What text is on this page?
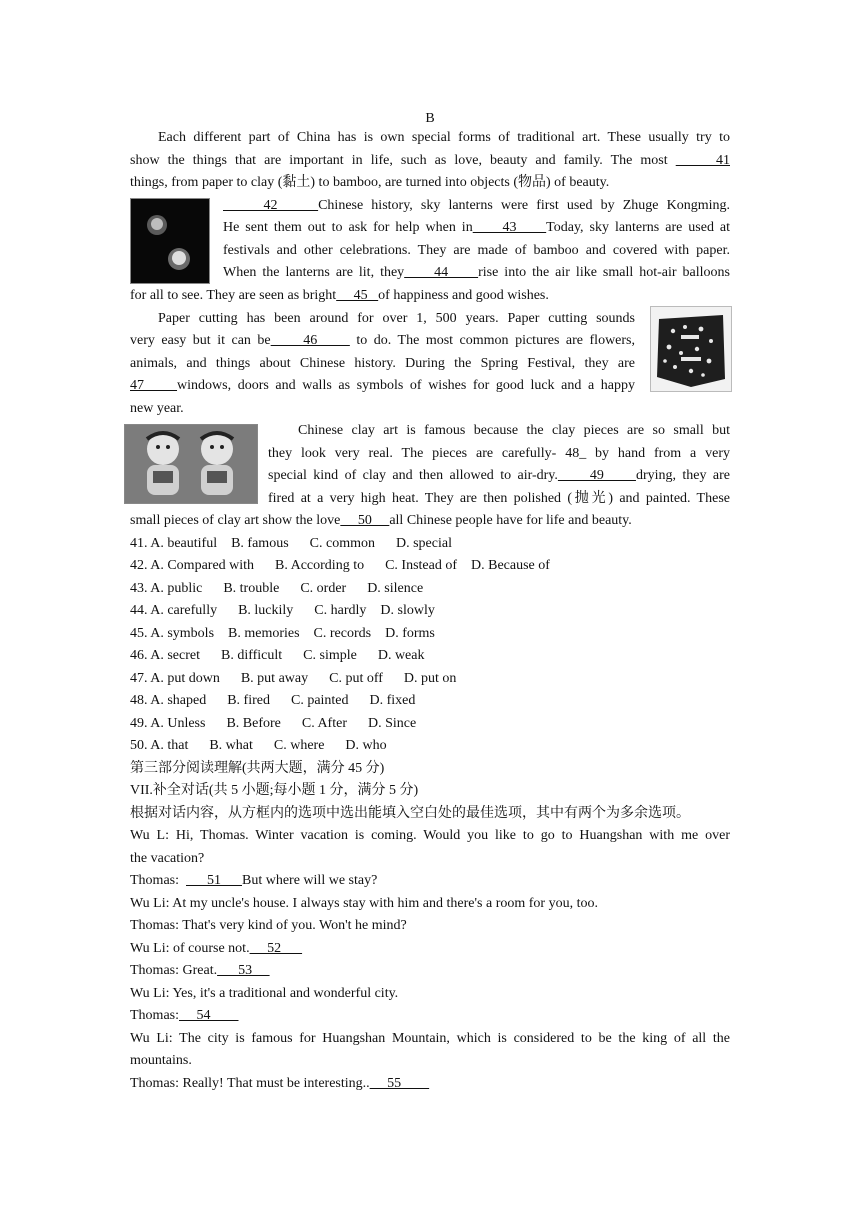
B
Each different part of China has is own special forms of traditional art. These usually try to
show the things that are important in life, such as love, beauty and family. The most      41
things, from paper to clay (黏土) to bamboo, are turned into objects (物品) of beauty.
42     Chinese history, sky lanterns were first used by Zhuge Kongming.
He sent them out to ask for help when in     43     Today, sky lanterns are used at
festivals and other celebrations. They are made of bamboo and covered with paper.
When the lanterns are lit, they     44     rise into the air like small hot-air balloons
for all to see. They are seen as bright     45   of happiness and good wishes.
Paper cutting has been around for over 1, 500 years. Paper cutting sounds
very easy but it can be     46      to do. The most common pictures are flowers,
animals, and things about Chinese history. During the Spring Festival, they are
47     windows, doors and walls as symbols of wishes for good luck and a happy
new year.
Chinese clay art is famous because the clay pieces are so small but
they look very real. The pieces are carefully- 48_ by hand from a very
special kind of clay and then allowed to air-dry.     49     drying, they are
fired at a very high heat. They are then polished (抛光) and painted. These
small pieces of clay art show the love     50     all Chinese people have for life and beauty.
41. A. beautiful    B. famous      C. common      D. special
42. A. Compared with      B. According to      C. Instead of    D. Because of
43. A. public      B. trouble      C. order      D. silence
44. A. carefully      B. luckily      C. hardly    D. slowly
45. A. symbols    B. memories    C. records    D. forms
46. A. secret      B. difficult      C. simple      D. weak
47. A. put down      B. put away      C. put off      D. put on
48. A. shaped      B. fired      C. painted      D. fixed
49. A. Unless      B. Before      C. After      D. Since
50. A. that      B. what      C. where      D. who
第三部分阅读理解(共两大题，满分 45 分)
VII.补全对话(共 5 小题;每小题 1 分，满分 5 分)
根据对话内容，从方框内的选项中选出能填入空白处的最佳选项，其中有两个为多余选项。
Wu L: Hi, Thomas. Winter vacation is coming. Would you like to go to Huangshan with me over
the vacation?
Thomas:        51      But where will we stay?
Wu Li: At my uncle's house. I always stay with him and there's a room for you, too.
Thomas: That's very kind of you. Won't he mind?
Wu Li: of course not.     52
Thomas: Great.      53
Wu Li: Yes, it's a traditional and wonderful city.
Thomas:     54
Wu Li: The city is famous for Huangshan Mountain, which is considered to be the king of all the
mountains.
Thomas: Really! That must be interesting..     55
